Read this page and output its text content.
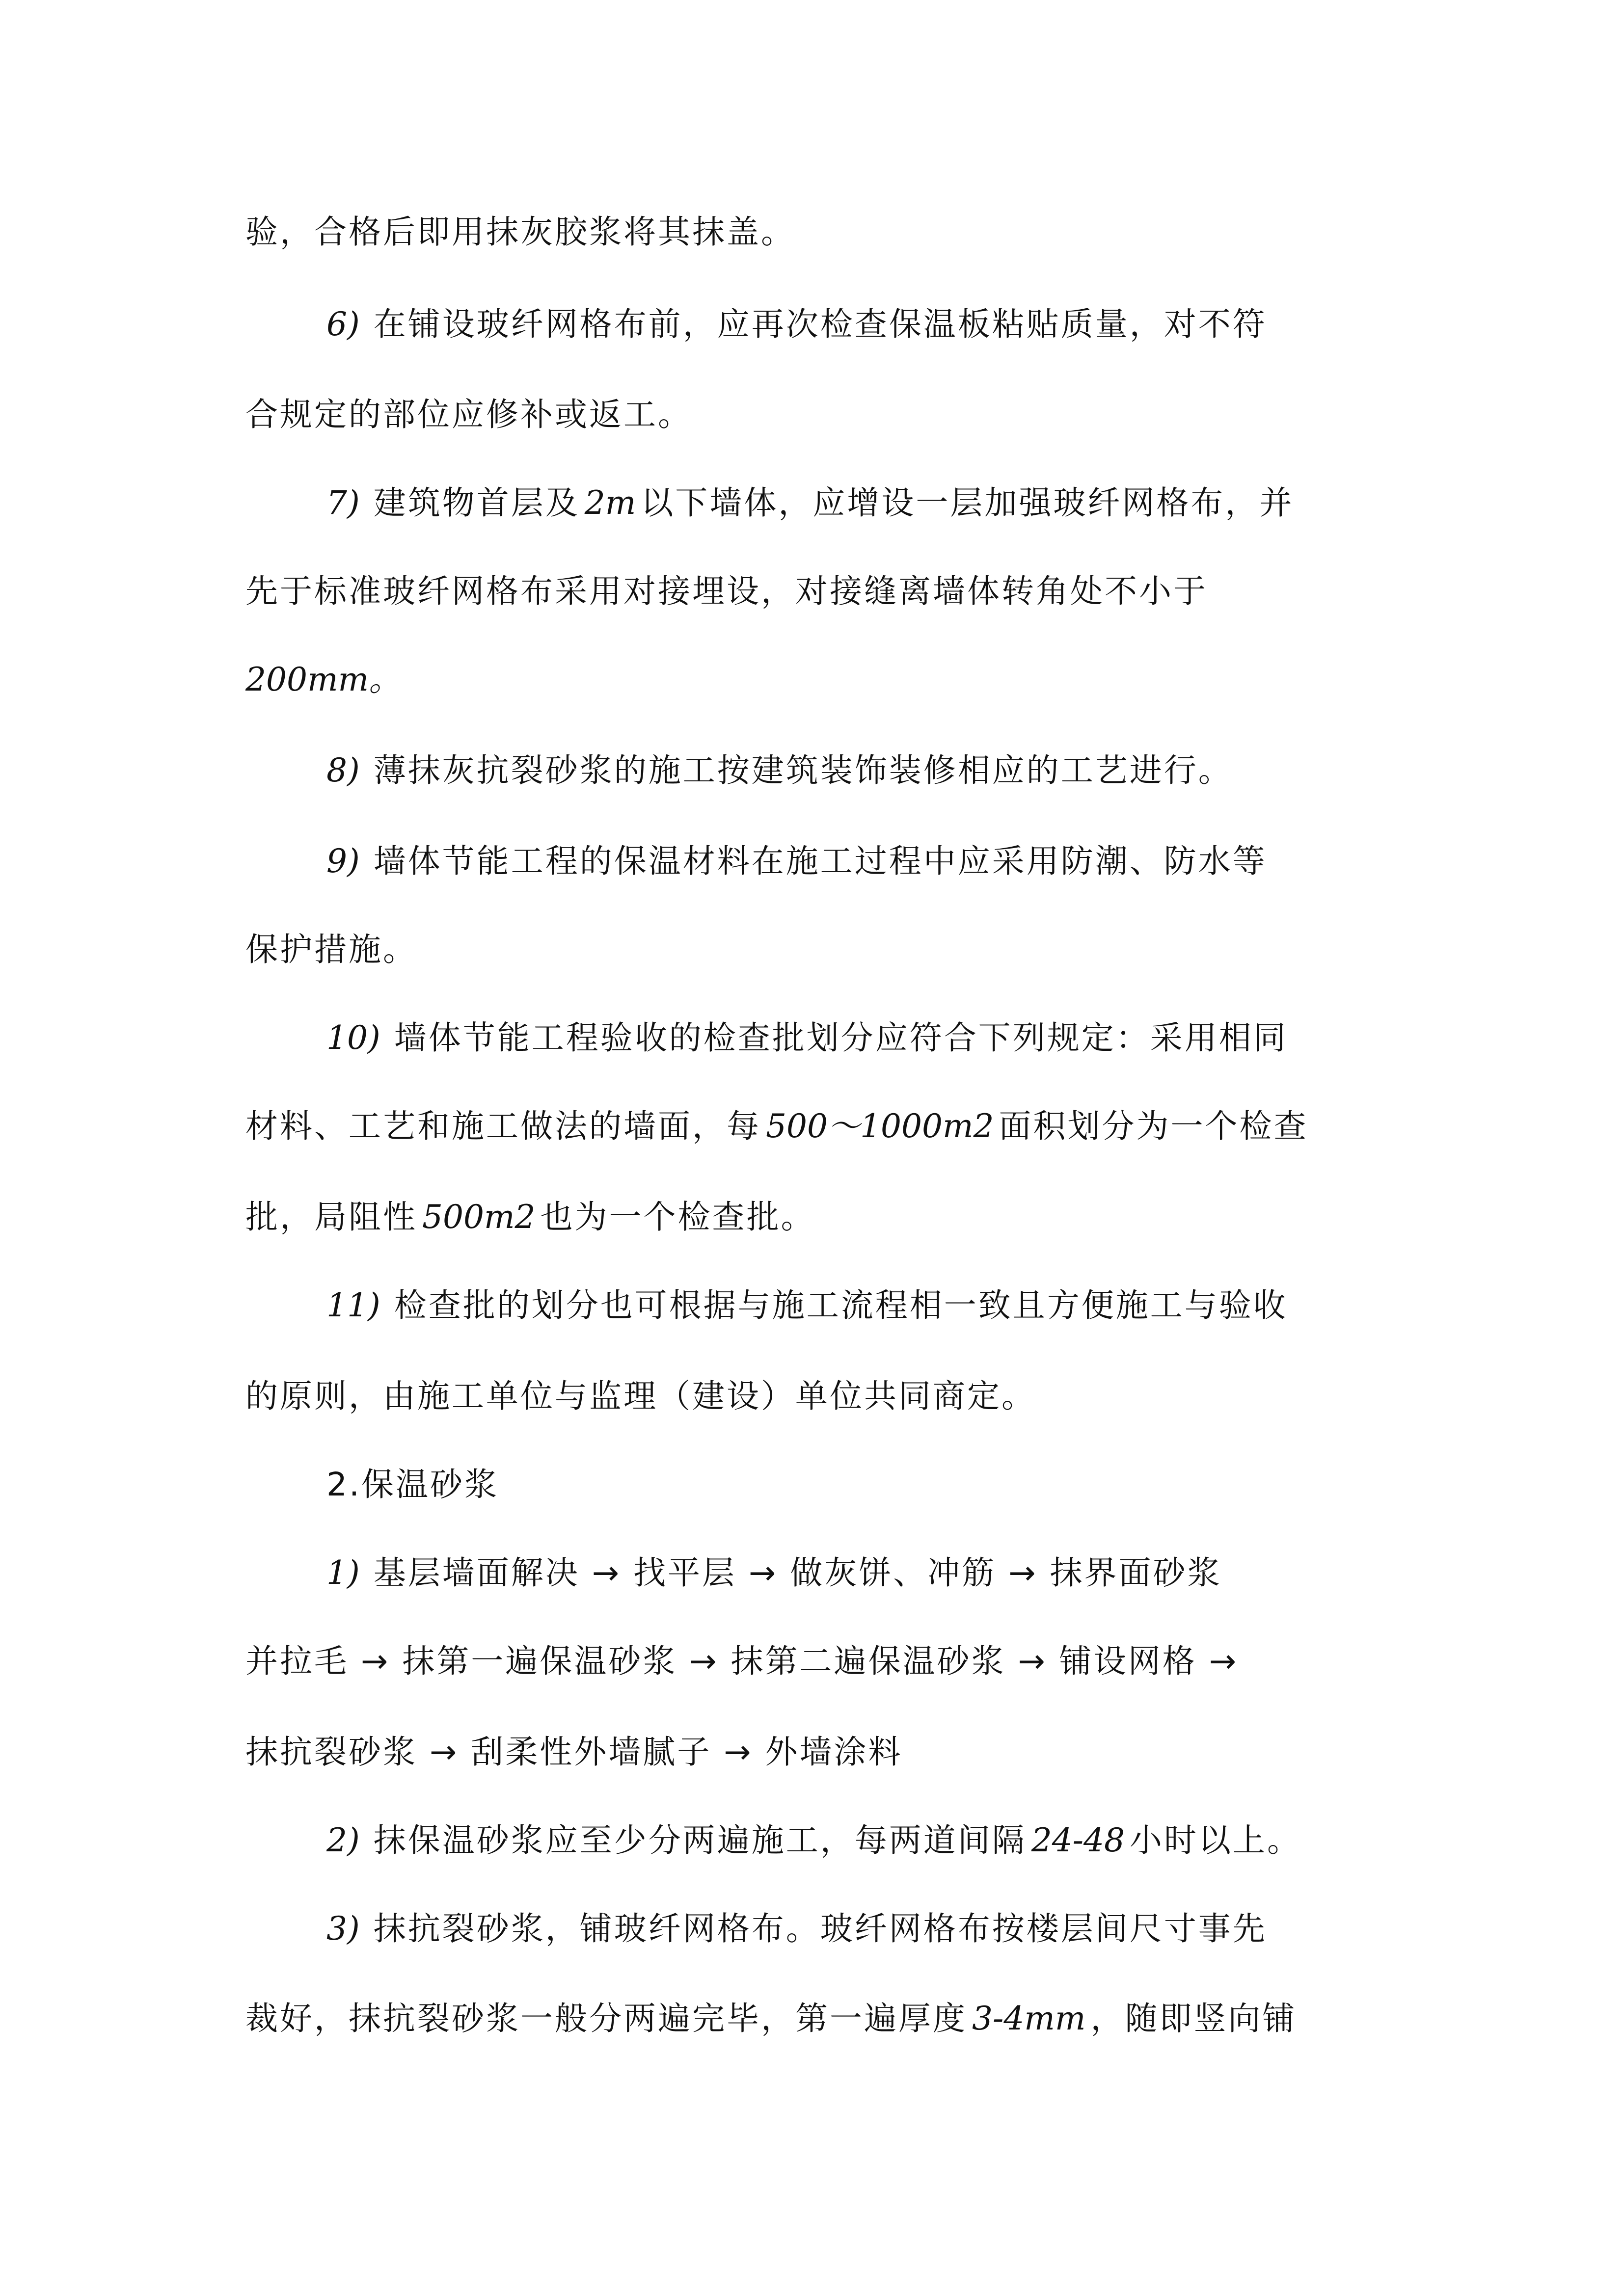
验，合格后即用抹灰胶浆将其抹盖。
6) 在铺设玻纤网格布前，应再次检查保温板粘贴质量，对不符
合规定的部位应修补或返工。
7) 建筑物首层及 2m 以下墙体，应增设一层加强玻纤网格布，并
先于标准玻纤网格布采用对接埋设，对接缝离墙体转角处不小于
200mm。
8) 薄抹灰抗裂砂浆的施工按建筑装饰装修相应的工艺进行。
9) 墙体节能工程的保温材料在施工过程中应采用防潮、防水等
保护措施。
10) 墙体节能工程验收的检查批划分应符合下列规定：采用相同
材料、工艺和施工做法的墙面，每 500～1000m2 面积划分为一个检查
批，局阻性 500m2 也为一个检查批。
11) 检查批的划分也可根据与施工流程相一致且方便施工与验收
的原则，由施工单位与监理（建设）单位共同商定。
2.保温砂浆
1) 基层墙面解决 → 找平层 → 做灰饼、冲筋 → 抹界面砂浆
并拉毛 → 抹第一遍保温砂浆 → 抹第二遍保温砂浆 → 铺设网格 →
抹抗裂砂浆 → 刮柔性外墙腻子 → 外墙涂料
2) 抹保温砂浆应至少分两遍施工，每两道间隔 24-48 小时以上。
3) 抹抗裂砂浆，铺玻纤网格布。玻纤网格布按楼层间尺寸事先
裁好，抹抗裂砂浆一般分两遍完毕，第一遍厚度 3-4mm ，随即竖向铺
